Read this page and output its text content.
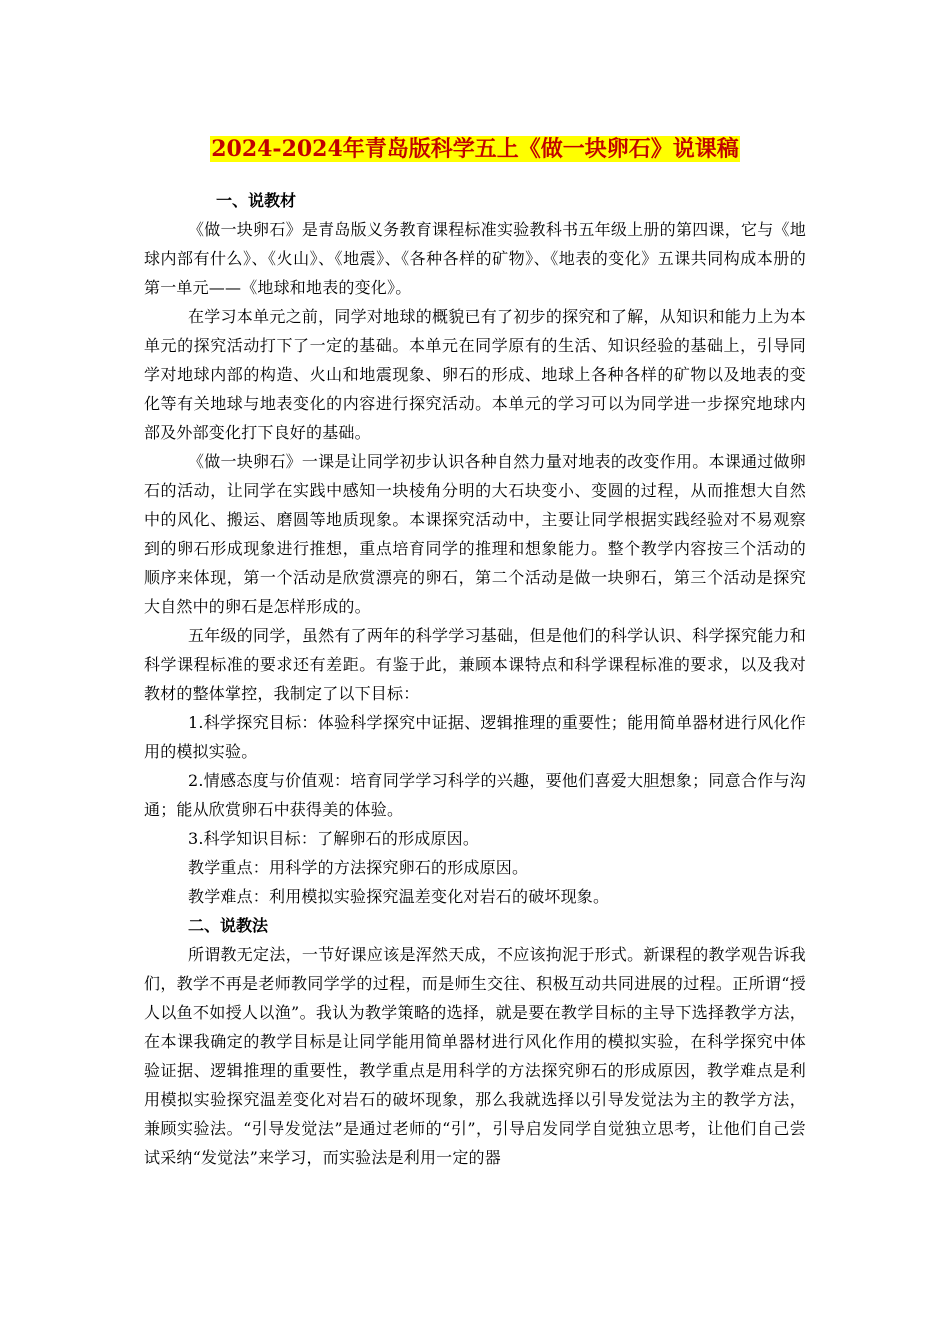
2024-2024年青岛版科学五上《做一块卵石》说课稿
一、说教材

《做一块卵石》是青岛版义务教育课程标准实验教科书五年级上册的第四课，它与《地球内部有什么》、《火山》、《地震》、《各种各样的矿物》、《地表的变化》五课共同构成本册的第一单元——《地球和地表的变化》。

在学习本单元之前，同学对地球的概貌已有了初步的探究和了解，从知识和能力上为本单元的探究活动打下了一定的基础。本单元在同学原有的生活、知识经验的基础上，引导同学对地球内部的构造、火山和地震现象、卵石的形成、地球上各种各样的矿物以及地表的变化等有关地球与地表变化的内容进行探究活动。本单元的学习可以为同学进一步探究地球内部及外部变化打下良好的基础。

《做一块卵石》一课是让同学初步认识各种自然力量对地表的改变作用。本课通过做卵石的活动，让同学在实践中感知一块棱角分明的大石块变小、变圆的过程，从而推想大自然中的风化、搬运、磨圆等地质现象。本课探究活动中，主要让同学根据实践经验对不易观察到的卵石形成现象进行推想，重点培育同学的推理和想象能力。整个教学内容按三个活动的顺序来体现，第一个活动是欣赏漂亮的卵石，第二个活动是做一块卵石，第三个活动是探究大自然中的卵石是怎样形成的。

五年级的同学，虽然有了两年的科学学习基础，但是他们的科学认识、科学探究能力和科学课程标准的要求还有差距。有鉴于此，兼顾本课特点和科学课程标准的要求，以及我对教材的整体掌控，我制定了以下目标：

1.科学探究目标：体验科学探究中证据、逻辑推理的重要性；能用简单器材进行风化作用的模拟实验。

2.情感态度与价值观：培育同学学习科学的兴趣，要他们喜爱大胆想象；同意合作与沟通；能从欣赏卵石中获得美的体验。

3.科学知识目标：了解卵石的形成原因。

教学重点：用科学的方法探究卵石的形成原因。

教学难点：利用模拟实验探究温差变化对岩石的破坏现象。

二、说教法

所谓教无定法，一节好课应该是浑然天成，不应该拘泥于形式。新课程的教学观告诉我们，教学不再是老师教同学学的过程，而是师生交往、积极互动共同进展的过程。正所谓“授人以鱼不如授人以渔”。我认为教学策略的选择，就是要在教学目标的主导下选择教学方法，在本课我确定的教学目标是让同学能用简单器材进行风化作用的模拟实验，在科学探究中体验证据、逻辑推理的重要性，教学重点是用科学的方法探究卵石的形成原因，教学难点是利用模拟实验探究温差变化对岩石的破坏现象，那么我就选择以引导发觉法为主的教学方法，兼顾实验法。“引导发觉法”是通过老师的“引”，引导启发同学自觉独立思考，让他们自己尝试采纳“发觉法”来学习，而实验法是利用一定的器
